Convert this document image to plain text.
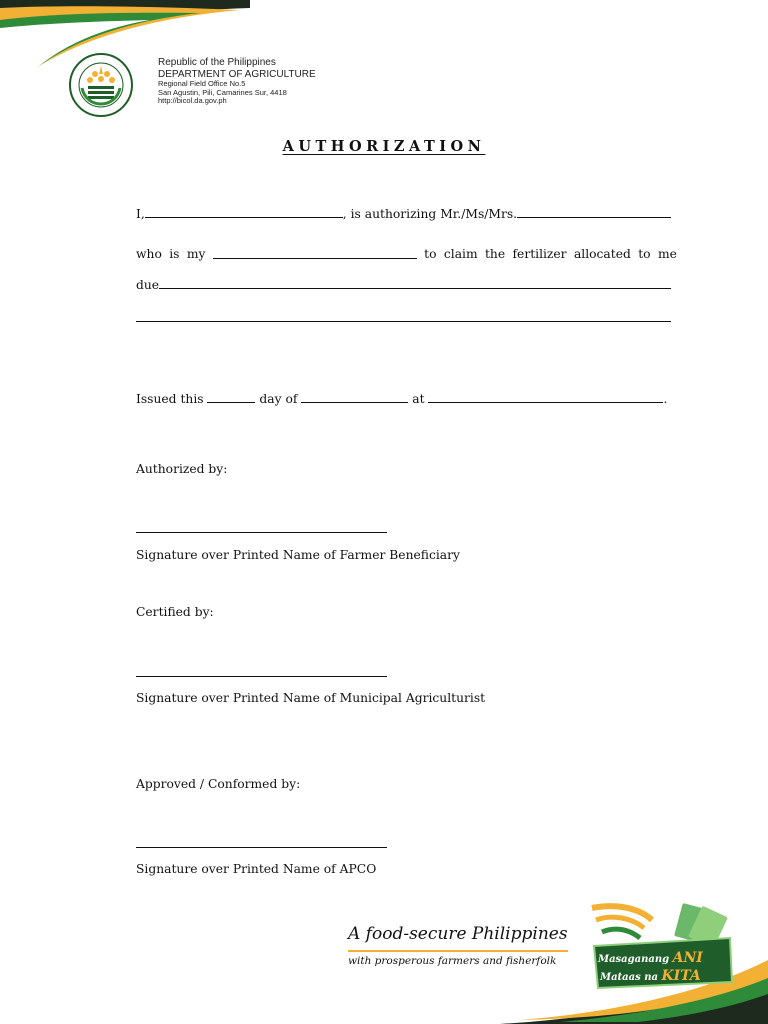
Republic of the Philippines
DEPARTMENT OF AGRICULTURE
Regional Field Office No.5
San Agustin, Pili, Camarines Sur, 4418
http://bicol.da.gov.ph
AUTHORIZATION
I,	, is authorizing Mr./Ms/Mrs.
who is my	to claim the fertilizer allocated to me
due
Issued this	day of	at	.
Authorized by:
Signature over Printed Name of Farmer Beneficiary
Certified by:
Signature over Printed Name of Municipal Agriculturist
Approved / Conformed by:
Signature over Printed Name of APCO
A food-secure Philippines
with prosperous farmers and fisherfolk	Masaganang ANI
Mataas na KITA
